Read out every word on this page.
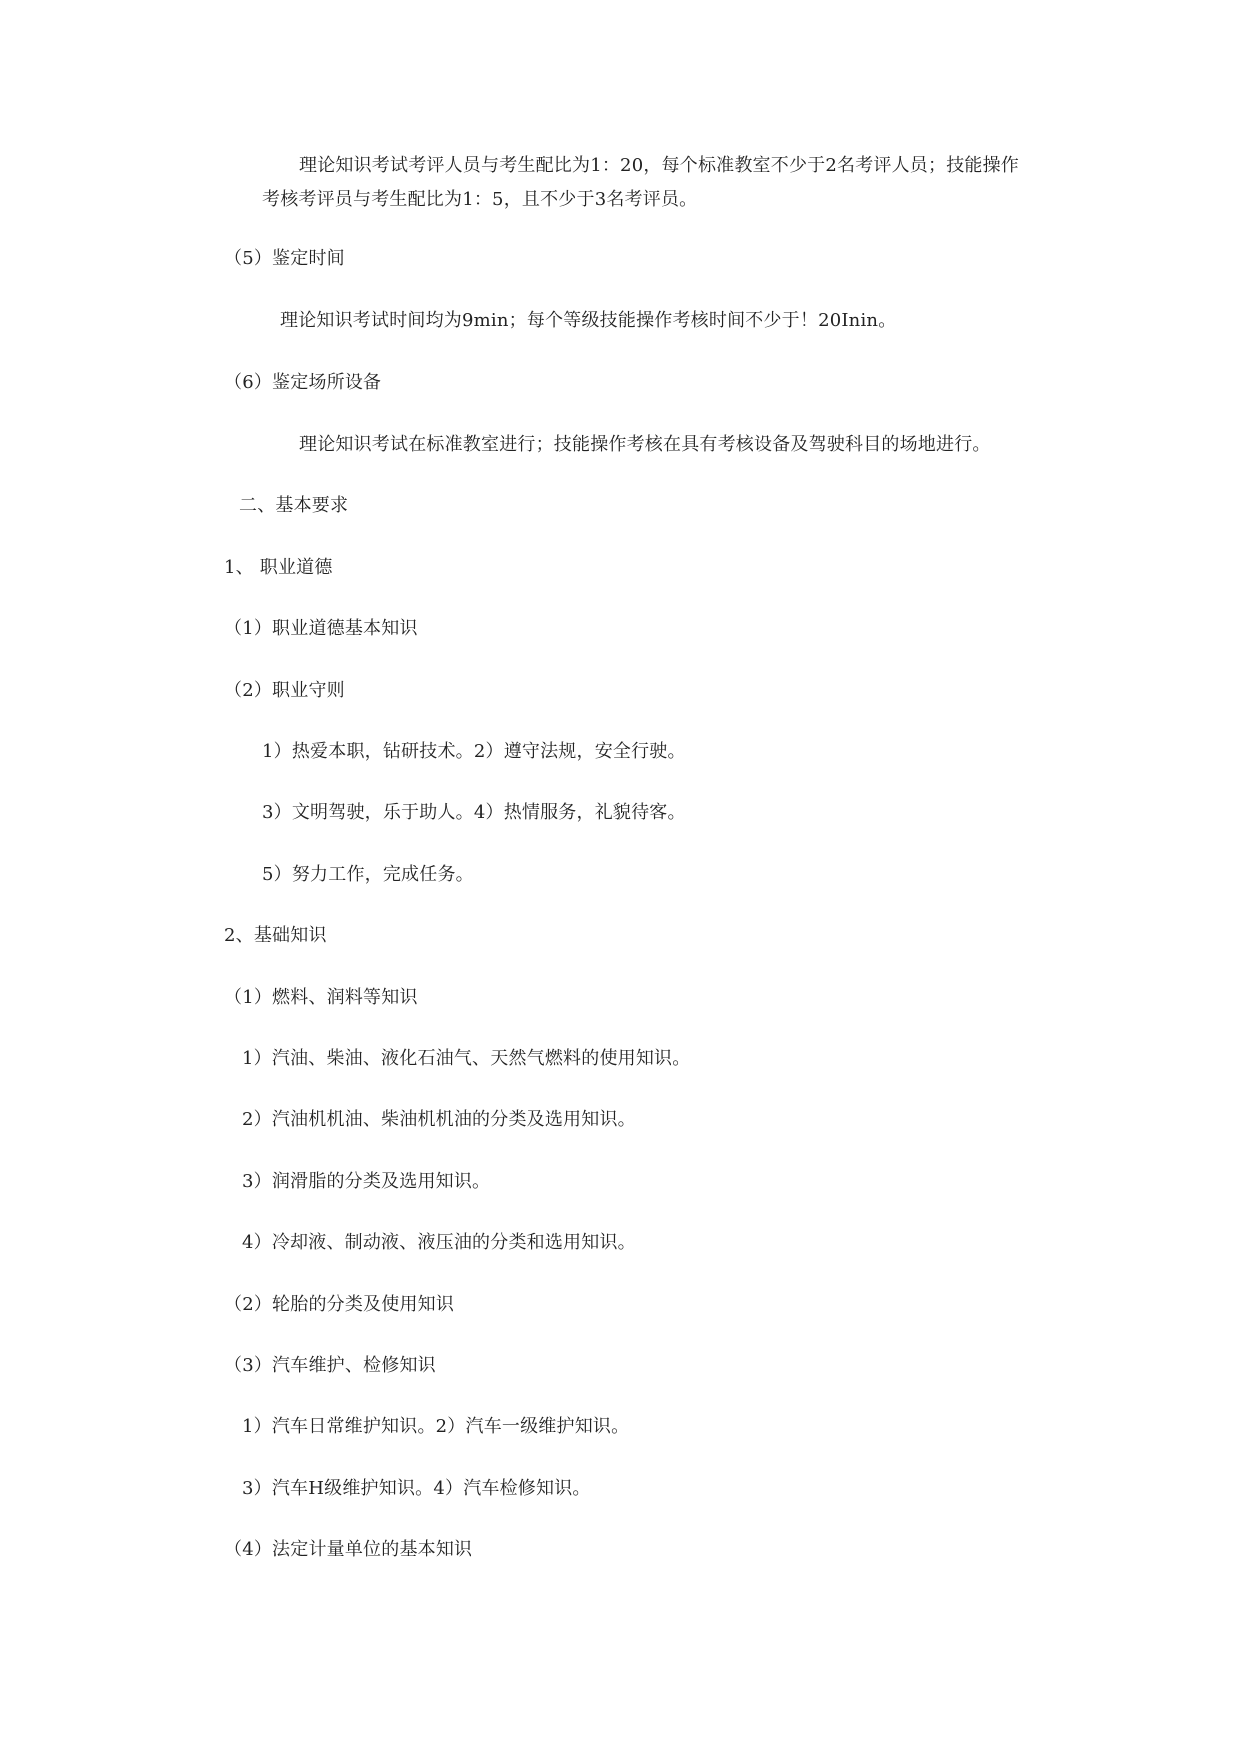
理论知识考试考评人员与考生配比为1：20，每个标准教室不少于2名考评人员；技能操作
考核考评员与考生配比为1：5，且不少于3名考评员。
（5）鉴定时间
理论知识考试时间均为9min；每个等级技能操作考核时间不少于！20Inin。
（6）鉴定场所设备
理论知识考试在标准教室进行；技能操作考核在具有考核设备及驾驶科目的场地进行。
二、基本要求
1、 职业道德
（1）职业道德基本知识
（2）职业守则
1）热爱本职，钻研技术。2）遵守法规，安全行驶。
3）文明驾驶，乐于助人。4）热情服务，礼貌待客。
5）努力工作，完成任务。
2、基础知识
（1）燃料、润料等知识
1）汽油、柴油、液化石油气、天然气燃料的使用知识。
2）汽油机机油、柴油机机油的分类及选用知识。
3）润滑脂的分类及选用知识。
4）冷却液、制动液、液压油的分类和选用知识。
（2）轮胎的分类及使用知识
（3）汽车维护、检修知识
1）汽车日常维护知识。2）汽车一级维护知识。
3）汽车H级维护知识。4）汽车检修知识。
（4）法定计量单位的基本知识
